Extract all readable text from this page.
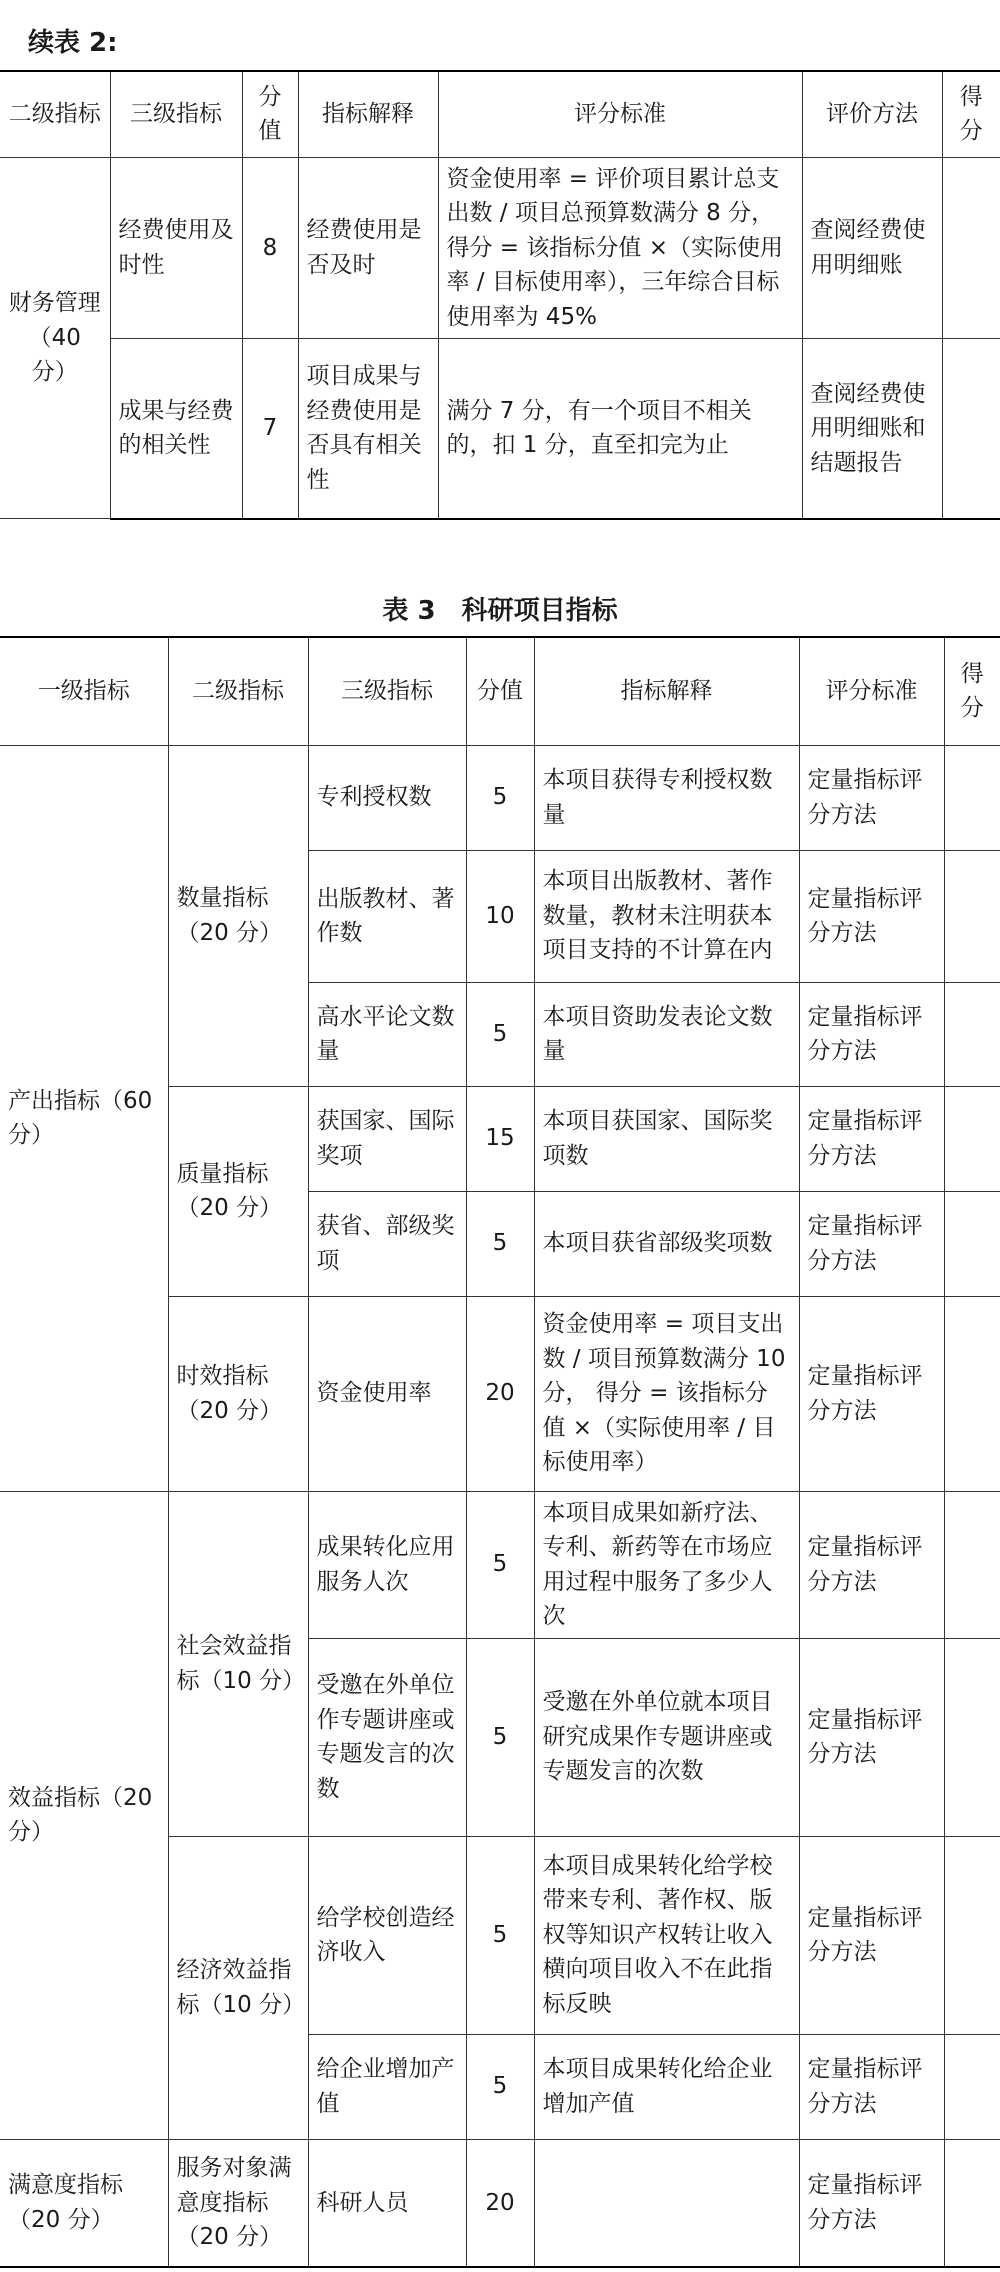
续表 2:
二级指标	三级指标	分值	指标解释	评分标准	评价方法	得分
财务管理（40 分）	经费使用及时性	8	经费使用是否及时	资金使用率 = 评价项目累计总支出数 / 项目总预算数满分 8 分，得分 = 该指标分值 ×（实际使用率 / 目标使用率），三年综合目标使用率为 45%	查阅经费使用明细账	
	成果与经费的相关性	7	项目成果与经费使用是否具有相关性	满分 7 分，有一个项目不相关的，扣 1 分，直至扣完为止	查阅经费使用明细账和结题报告	
表 3　科研项目指标
一级指标	二级指标	三级指标	分值	指标解释	评分标准	得分
产出指标（60 分）	数量指标（20 分）	专利授权数	5	本项目获得专利授权数量	定量指标评分方法	
		出版教材、著作数	10	本项目出版教材、著作数量，教材未注明获本项目支持的不计算在内	定量指标评分方法	
		高水平论文数量	5	本项目资助发表论文数量	定量指标评分方法	
	质量指标（20 分）	获国家、国际奖项	15	本项目获国家、国际奖项数	定量指标评分方法	
		获省、部级奖项	5	本项目获省部级奖项数	定量指标评分方法	
	时效指标（20 分）	资金使用率	20	资金使用率 = 项目支出数 / 项目预算数满分 10 分， 得分 = 该指标分值 ×（实际使用率 / 目标使用率）	定量指标评分方法	
效益指标（20 分）	社会效益指标（10 分）	成果转化应用服务人次	5	本项目成果如新疗法、专利、新药等在市场应用过程中服务了多少人次	定量指标评分方法	
		受邀在外单位作专题讲座或专题发言的次数	5	受邀在外单位就本项目研究成果作专题讲座或专题发言的次数	定量指标评分方法	
	经济效益指标（10 分）	给学校创造经济收入	5	本项目成果转化给学校带来专利、著作权、版权等知识产权转让收入横向项目收入不在此指标反映	定量指标评分方法	
		给企业增加产值	5	本项目成果转化给企业增加产值	定量指标评分方法	
满意度指标（20 分）	服务对象满意度指标（20 分）	科研人员	20		定量指标评分方法	
